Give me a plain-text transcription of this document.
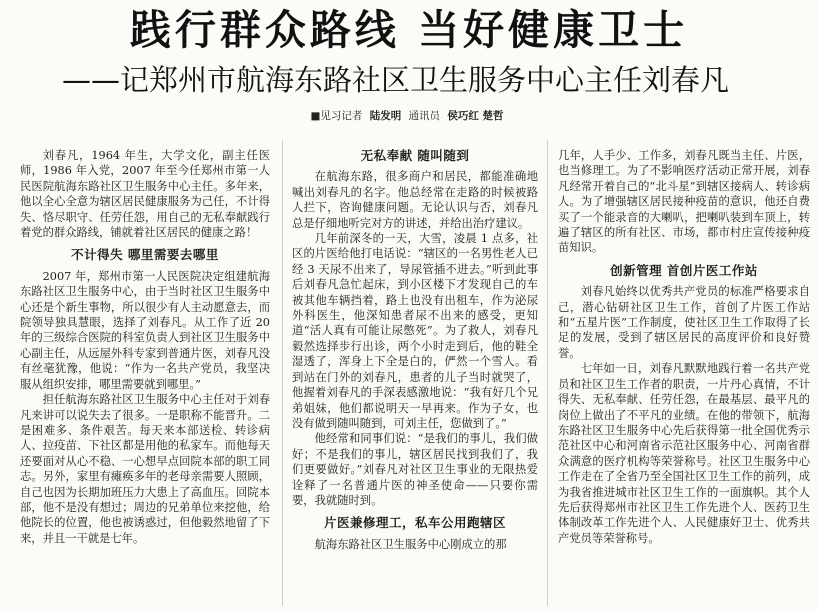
践行群众路线 当好健康卫士
——记郑州市航海东路社区卫生服务中心主任刘春凡
■见习记者 陆发明 通讯员 侯巧红 楚哲

刘春凡，1964 年生，大学文化，副主任医师，1986 年入党，2007 年至今任郑州市第一人民医院航海东路社区卫生服务中心主任。多年来，他以全心全意为辖区居民健康服务为己任，不计得失、恪尽职守、任劳任怨，用自己的无私奉献践行着党的群众路线，铺就着社区居民的健康之路！

不计得失 哪里需要去哪里

2007 年，郑州市第一人民医院决定组建航海东路社区卫生服务中心，由于当时社区卫生服务中心还是个新生事物，所以很少有人主动愿意去，而院领导独具慧眼，选择了刘春凡。从工作了近 20 年的三级综合医院的科室负责人到社区卫生服务中心副主任，从远屋外科专家到普通片医，刘春凡没有丝毫犹豫，他说：“作为一名共产党员，我坚决服从组织安排，哪里需要就到哪里。”

担任航海东路社区卫生服务中心主任对于刘春凡来讲可以说失去了很多。一是职称不能晋升。二是困难多、条件艰苦。每天来本部送检、转诊病人、拉疫苗、下社区都是用他的私家车。而他每天还要面对从心不稳、一心想早点回院本部的职工同志。另外，家里有瘫痪多年的老母亲需要人照顾，自己也因为长期加班压力大患上了高血压。回院本部，他不是没有想过；周边的兄弟单位来挖他，给他院长的位置，他也被诱惑过，但他毅然地留了下来，并且一干就是七年。

无私奉献 随叫随到

在航海东路，很多商户和居民，都能准确地喊出刘春凡的名字。他总经常在走路的时候被路人拦下，咨询健康问题。无论认识与否，刘春凡总是仔细地听完对方的讲述，并给出治疗建议。

几年前深冬的一天，大雪，凌晨 1 点多，社区的片医给他打电话说：“辖区的一名男性老人已经 3 天尿不出来了，导尿管插不进去。”听到此事后刘春凡急忙起床，到小区楼下才发现自己的车被其他车辆挡着，路上也没有出租车，作为泌尿外科医生，他深知患者尿不出来的感受，更知道“活人真有可能让尿憋死”。为了救人，刘春凡毅然选择步行出诊，两个小时走到后，他的鞋全湿透了，浑身上下全是白的，俨然一个雪人。看到站在门外的刘春凡，患者的儿子当时就哭了，他握着刘春凡的手深表感激地说：“我有好几个兄弟姐妹，他们都说明天一早再来。作为子女，也没有做到随叫随到，可刘主任，您做到了。”

他经常和同事们说：“是我们的事儿，我们做好；不是我们的事儿，辖区居民找到我们了，我们更要做好。”刘春凡对社区卫生事业的无限热爱诠释了一名普通片医的神圣使命——只要你需要，我就随时到。

片医兼修理工，私车公用跑辖区

航海东路社区卫生服务中心刚成立的那

几年，人手少、工作多，刘春凡既当主任、片医，也当修理工。为了不影响医疗活动正常开展，刘春凡经常开着自己的“北斗星”到辖区接病人、转诊病人。为了增强辖区居民接种疫苗的意识，他还自费买了一个能录音的大喇叭，把喇叭装到车顶上，转遍了辖区的所有社区、市场，都市村庄宣传接种疫苗知识。

创新管理 首创片医工作站

刘春凡始终以优秀共产党员的标准严格要求自己，潜心钻研社区卫生工作，首创了片医工作站和“五星片医”工作制度，使社区卫生工作取得了长足的发展，受到了辖区居民的高度评价和良好赞誉。

七年如一日，刘春凡默默地践行着一名共产党员和社区卫生工作者的职责，一片丹心真情，不计得失、无私奉献、任劳任怨，在最基层、最平凡的岗位上做出了不平凡的业绩。在他的带领下，航海东路社区卫生服务中心先后获得第一批全国优秀示范社区中心和河南省示范社区服务中心、河南省群众满意的医疗机构等荣誉称号。社区卫生服务中心工作走在了全省乃至全国社区卫生工作的前列，成为我省推进城市社区卫生工作的一面旗帜。其个人先后获得郑州市社区卫生工作先进个人、医药卫生体制改革工作先进个人、人民健康好卫士、优秀共产党员等荣誉称号。
